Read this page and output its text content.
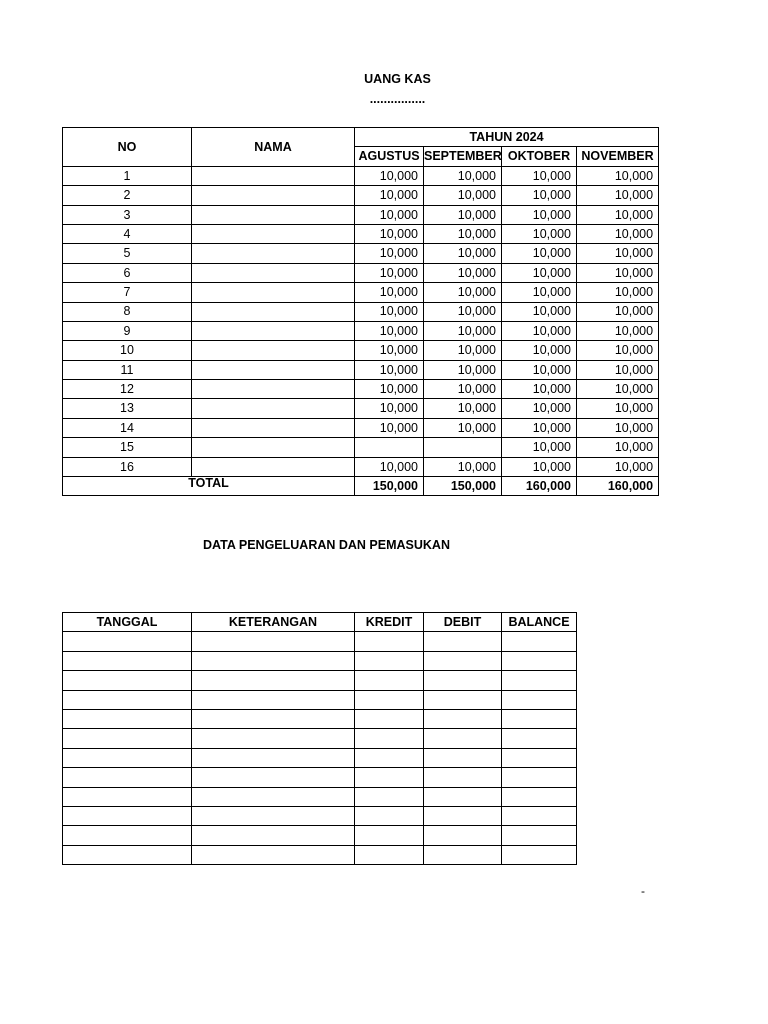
UANG KAS
................
NO	NAMA	TAHUN 2024			
		AGUSTUS	SEPTEMBER	OKTOBER	NOVEMBER
1		10,000	10,000	10,000	10,000
2		10,000	10,000	10,000	10,000
3		10,000	10,000	10,000	10,000
4		10,000	10,000	10,000	10,000
5		10,000	10,000	10,000	10,000
6		10,000	10,000	10,000	10,000
7		10,000	10,000	10,000	10,000
8		10,000	10,000	10,000	10,000
9		10,000	10,000	10,000	10,000
10		10,000	10,000	10,000	10,000
11		10,000	10,000	10,000	10,000
12		10,000	10,000	10,000	10,000
13		10,000	10,000	10,000	10,000
14		10,000	10,000	10,000	10,000
15				10,000	10,000
16		10,000	10,000	10,000	10,000
TOTAL		150,000	150,000	160,000	160,000
DATA PENGELUARAN DAN PEMASUKAN
TANGGAL	KETERANGAN	KREDIT	DEBIT	BALANCE

-
